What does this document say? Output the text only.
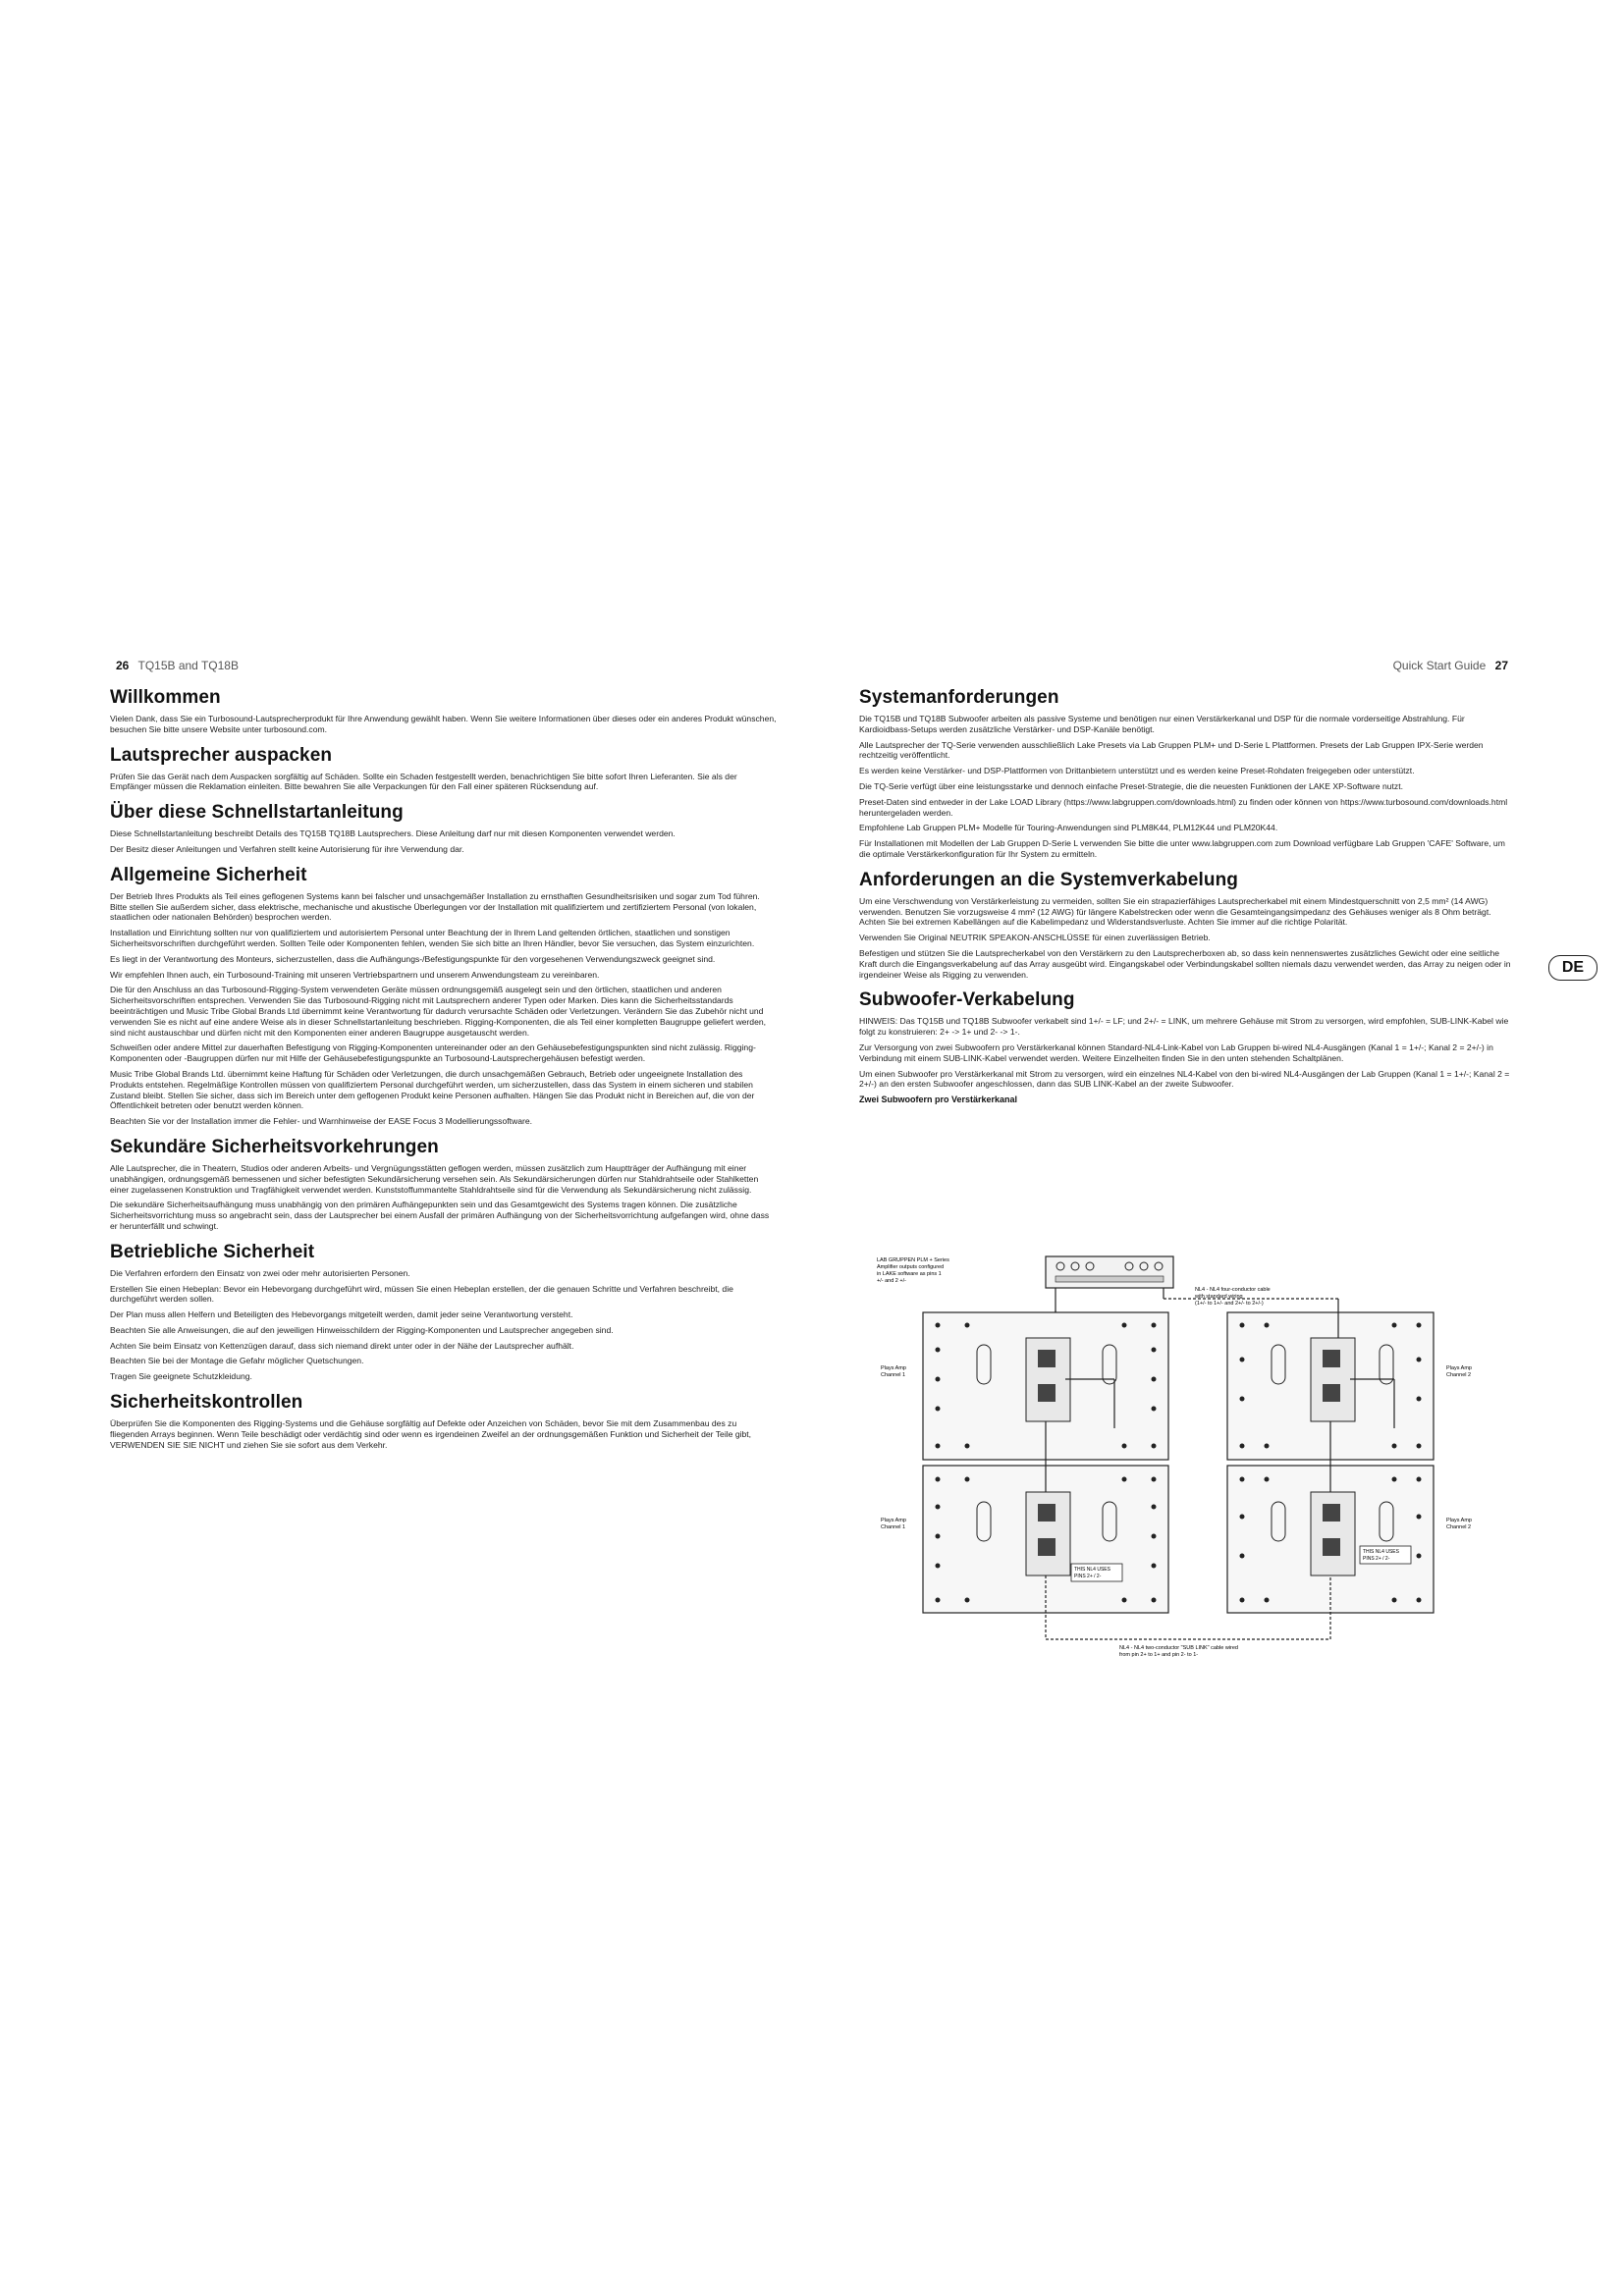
26 TQ15B and TQ18B	Quick Start Guide 27
DE
Willkommen

Vielen Dank, dass Sie ein Turbosound-Lautsprecherprodukt für Ihre Anwendung gewählt haben. Wenn Sie weitere Informationen über dieses oder ein anderes Produkt wünschen, besuchen Sie bitte unsere Website unter turbosound.com.

Lautsprecher auspacken

Prüfen Sie das Gerät nach dem Auspacken sorgfältig auf Schäden. Sollte ein Schaden festgestellt werden, benachrichtigen Sie bitte sofort Ihren Lieferanten. Sie als der Empfänger müssen die Reklamation einleiten. Bitte bewahren Sie alle Verpackungen für den Fall einer späteren Rücksendung auf.

Über diese Schnellstartanleitung

Diese Schnellstartanleitung beschreibt Details des TQ15B TQ18B Lautsprechers. Diese Anleitung darf nur mit diesen Komponenten verwendet werden.

Der Besitz dieser Anleitungen und Verfahren stellt keine Autorisierung für ihre Verwendung dar.

Allgemeine Sicherheit

Der Betrieb Ihres Produkts als Teil eines geflogenen Systems kann bei falscher und unsachgemäßer Installation zu ernsthaften Gesundheitsrisiken und sogar zum Tod führen. Bitte stellen Sie außerdem sicher, dass elektrische, mechanische und akustische Überlegungen vor der Installation mit qualifiziertem und zertifiziertem Personal (von lokalen, staatlichen oder nationalen Behörden) besprochen werden.

Installation und Einrichtung sollten nur von qualifiziertem und autorisiertem Personal unter Beachtung der in Ihrem Land geltenden örtlichen, staatlichen und sonstigen Sicherheitsvorschriften durchgeführt werden. Sollten Teile oder Komponenten fehlen, wenden Sie sich bitte an Ihren Händler, bevor Sie versuchen, das System einzurichten.

Es liegt in der Verantwortung des Monteurs, sicherzustellen, dass die Aufhängungs-/Befestigungspunkte für den vorgesehenen Verwendungszweck geeignet sind.

Wir empfehlen Ihnen auch, ein Turbosound-Training mit unseren Vertriebspartnern und unserem Anwendungsteam zu vereinbaren.

Die für den Anschluss an das Turbosound-Rigging-System verwendeten Geräte müssen ordnungsgemäß ausgelegt sein und den örtlichen, staatlichen und anderen Sicherheitsvorschriften entsprechen. Verwenden Sie das Turbosound-Rigging nicht mit Lautsprechern anderer Typen oder Marken. Dies kann die Sicherheitsstandards beeinträchtigen und Music Tribe Global Brands Ltd übernimmt keine Verantwortung für dadurch verursachte Schäden oder Verletzungen. Verändern Sie das Zubehör nicht und verwenden Sie es nicht auf eine andere Weise als in dieser Schnellstartanleitung beschrieben. Rigging-Komponenten, die als Teil einer kompletten Baugruppe geliefert werden, sind nicht austauschbar und dürfen nicht mit den Komponenten einer anderen Baugruppe ausgetauscht werden.

Schweißen oder andere Mittel zur dauerhaften Befestigung von Rigging-Komponenten untereinander oder an den Gehäusebefestigungspunkten sind nicht zulässig. Rigging-Komponenten oder -Baugruppen dürfen nur mit Hilfe der Gehäusebefestigungspunkte an Turbosound-Lautsprechergehäusen befestigt werden.

Music Tribe Global Brands Ltd. übernimmt keine Haftung für Schäden oder Verletzungen, die durch unsachgemäßen Gebrauch, Betrieb oder ungeeignete Installation des Produkts entstehen. Regelmäßige Kontrollen müssen von qualifiziertem Personal durchgeführt werden, um sicherzustellen, dass das System in einem sicheren und stabilen Zustand bleibt. Stellen Sie sicher, dass sich im Bereich unter dem geflogenen Produkt keine Personen aufhalten. Hängen Sie das Produkt nicht in Bereichen auf, die von der Öffentlichkeit betreten oder benutzt werden können.

Beachten Sie vor der Installation immer die Fehler- und Warnhinweise der EASE Focus 3 Modellierungssoftware.

Sekundäre Sicherheitsvorkehrungen

Alle Lautsprecher, die in Theatern, Studios oder anderen Arbeits- und Vergnügungsstätten geflogen werden, müssen zusätzlich zum Hauptträger der Aufhängung mit einer unabhängigen, ordnungsgemäß bemessenen und sicher befestigten Sekundärsicherung versehen sein. Als Sekundärsicherungen dürfen nur Stahldrahtseile oder Stahlketten einer zugelassenen Konstruktion und Tragfähigkeit verwendet werden. Kunststoffummantelte Stahldrahtseile sind für die Verwendung als Sekundärsicherung nicht zulässig.

Die sekundäre Sicherheitsaufhängung muss unabhängig von den primären Aufhängepunkten sein und das Gesamtgewicht des Systems tragen können. Die zusätzliche Sicherheitsvorrichtung muss so angebracht sein, dass der Lautsprecher bei einem Ausfall der primären Aufhängung von der Sicherheitsvorrichtung aufgefangen wird, ohne dass er herunterfällt und schwingt.

Betriebliche Sicherheit

Die Verfahren erfordern den Einsatz von zwei oder mehr autorisierten Personen.

Erstellen Sie einen Hebeplan: Bevor ein Hebevorgang durchgeführt wird, müssen Sie einen Hebeplan erstellen, der die genauen Schritte und Verfahren beschreibt, die durchgeführt werden sollen.

Der Plan muss allen Helfern und Beteiligten des Hebevorgangs mitgeteilt werden, damit jeder seine Verantwortung versteht.

Beachten Sie alle Anweisungen, die auf den jeweiligen Hinweisschildern der Rigging-Komponenten und Lautsprecher angegeben sind.

Achten Sie beim Einsatz von Kettenzügen darauf, dass sich niemand direkt unter oder in der Nähe der Lautsprecher aufhält.

Beachten Sie bei der Montage die Gefahr möglicher Quetschungen.

Tragen Sie geeignete Schutzkleidung.

Sicherheitskontrollen

Überprüfen Sie die Komponenten des Rigging-Systems und die Gehäuse sorgfältig auf Defekte oder Anzeichen von Schäden, bevor Sie mit dem Zusammenbau des zu fliegenden Arrays beginnen. Wenn Teile beschädigt oder verdächtig sind oder wenn es irgendeinen Zweifel an der ordnungsgemäßen Funktion und Sicherheit der Teile gibt, VERWENDEN SIE SIE NICHT und ziehen Sie sie sofort aus dem Verkehr.

Systemanforderungen

Die TQ15B und TQ18B Subwoofer arbeiten als passive Systeme und benötigen nur einen Verstärkerkanal und DSP für die normale vorderseitige Abstrahlung. Für Kardioidbass-Setups werden zusätzliche Verstärker- und DSP-Kanäle benötigt.

Alle Lautsprecher der TQ-Serie verwenden ausschließlich Lake Presets via Lab Gruppen PLM+ und D-Serie L Plattformen. Presets der Lab Gruppen IPX-Serie werden rechtzeitig veröffentlicht.

Es werden keine Verstärker- und DSP-Plattformen von Drittanbietern unterstützt und es werden keine Preset-Rohdaten freigegeben oder unterstützt.

Die TQ-Serie verfügt über eine leistungsstarke und dennoch einfache Preset-Strategie, die die neuesten Funktionen der LAKE XP-Software nutzt.

Preset-Daten sind entweder in der Lake LOAD Library (https://www.labgruppen.com/downloads.html) zu finden oder können von https://www.turbosound.com/downloads.html heruntergeladen werden.

Empfohlene Lab Gruppen PLM+ Modelle für Touring-Anwendungen sind PLM8K44, PLM12K44 und PLM20K44.

Für Installationen mit Modellen der Lab Gruppen D-Serie L verwenden Sie bitte die unter www.labgruppen.com zum Download verfügbare Lab Gruppen 'CAFE' Software, um die optimale Verstärkerkonfiguration für Ihr System zu ermitteln.

Anforderungen an die Systemverkabelung

Um eine Verschwendung von Verstärkerleistung zu vermeiden, sollten Sie ein strapazierfähiges Lautsprecherkabel mit einem Mindestquerschnitt von 2,5 mm² (14 AWG) verwenden. Benutzen Sie vorzugsweise 4 mm² (12 AWG) für längere Kabelstrecken oder wenn die Gesamteingangsimpedanz des Gehäuses weniger als 8 Ohm beträgt. Achten Sie bei extremen Kabellängen auf die Kabelimpedanz und Widerstandsverluste. Achten Sie immer auf die richtige Polarität.

Verwenden Sie Original NEUTRIK SPEAKON-ANSCHLÜSSE für einen zuverlässigen Betrieb.

Befestigen und stützen Sie die Lautsprecherkabel von den Verstärkern zu den Lautsprecherboxen ab, so dass kein nennenswertes zusätzliches Gewicht oder eine seitliche Kraft durch die Eingangsverkabelung auf das Array ausgeübt wird. Eingangskabel oder Verbindungskabel sollten niemals dazu verwendet werden, das Array zu neigen oder in irgendeiner Weise als Rigging zu verwenden.

Subwoofer-Verkabelung

HINWEIS: Das TQ15B und TQ18B Subwoofer verkabelt sind 1+/- = LF; und 2+/- = LINK, um mehrere Gehäuse mit Strom zu versorgen, wird empfohlen, SUB-LINK-Kabel wie folgt zu konstruieren: 2+ -> 1+ und 2- -> 1-.

Zur Versorgung von zwei Subwoofern pro Verstärkerkanal können Standard-NL4-Link-Kabel von Lab Gruppen bi-wired NL4-Ausgängen (Kanal 1 = 1+/-; Kanal 2 = 2+/-) in Verbindung mit einem SUB-LINK-Kabel verwendet werden. Weitere Einzelheiten finden Sie in den unten stehenden Schaltplänen.

Um einen Subwoofer pro Verstärkerkanal mit Strom zu versorgen, wird ein einzelnes NL4-Kabel von den bi-wired NL4-Ausgängen der Lab Gruppen (Kanal 1 = 1+/-; Kanal 2 = 2+/-) an den ersten Subwoofer angeschlossen, dann das SUB LINK-Kabel an der zweite Subwoofer.

Zwei Subwoofern pro Verstärkerkanal
LAB GRUPPEN PLM + Series
Amplifier outputs configured
in LAKE software as pins 1
+/- and 2 +/-
NL4 - NL4 four-conductor cable
with standard wiring
(1+/- to 1+/- and 2+/- to 2+/-)
Plays Amp
Channel 1
Plays Amp
Channel 1
Plays Amp
Channel 2
Plays Amp
Channel 2
THIS NL4 USES
PINS 2+ / 2-
THIS NL4 USES
PINS 2+ / 2-
NL4 - NL4 two-conductor "SUB LINK" cable wired
from pin 2+ to 1+ and pin 2- to 1-
